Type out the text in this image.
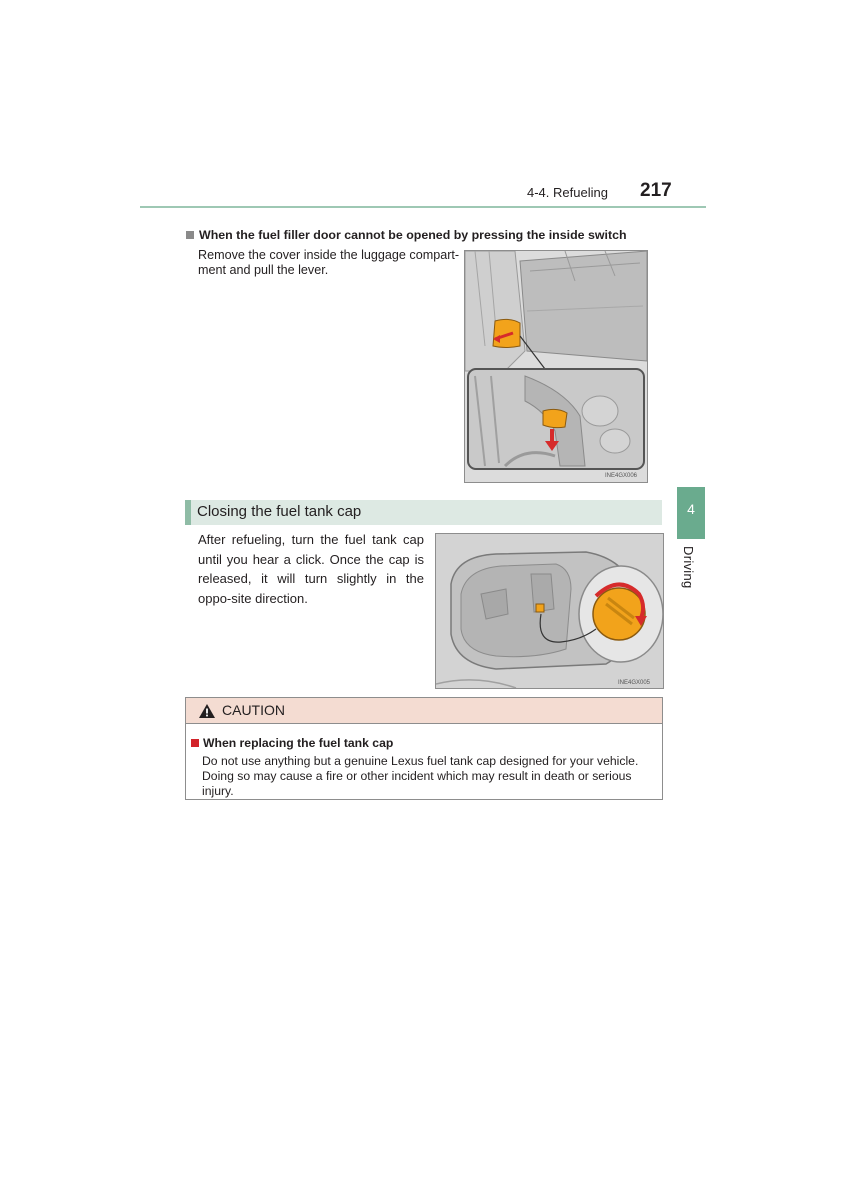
4-4. Refueling 217
4
Driving
When the fuel filler door cannot be opened by pressing the inside switch
Remove the cover inside the luggage compart-ment and pull the lever.
INE4GX006
Closing the fuel tank cap
After refueling, turn the fuel tank cap until you hear a click. Once the cap is released, it will turn slightly in the oppo-site direction.
INE4GX005
CAUTION
When replacing the fuel tank cap
Do not use anything but a genuine Lexus fuel tank cap designed for your vehicle. Doing so may cause a fire or other incident which may result in death or serious injury.
